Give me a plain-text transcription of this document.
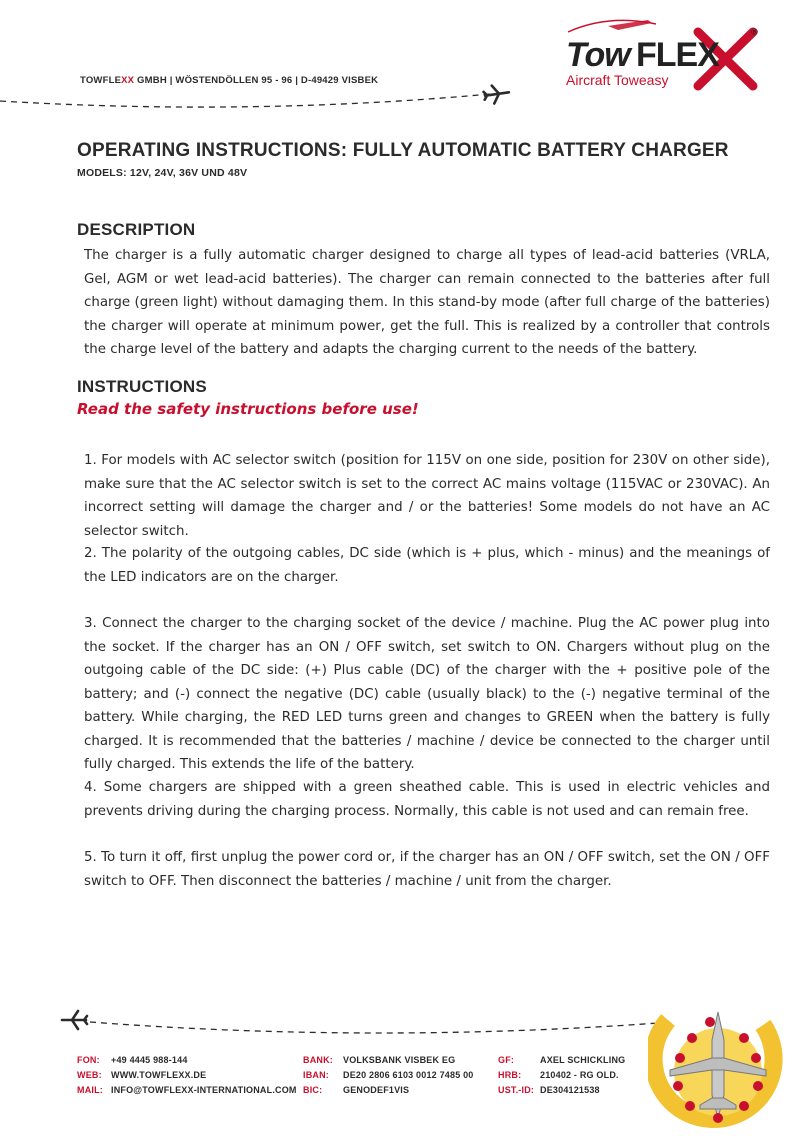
TOWFLEXX GMBH | WÖSTENDÖLLEN 95 - 96 | D-49429 VISBEK
Tow FLEX
Aircraft Toweasy
®
OPERATING INSTRUCTIONS: FULLY AUTOMATIC BATTERY CHARGER
MODELS: 12V, 24V, 36V UND 48V
DESCRIPTION

The charger is a fully automatic charger designed to charge all types of lead-acid batteries (VRLA, Gel, AGM or wet lead-acid batteries). The charger can remain connected to the batteries after full charge (green light) without damaging them. In this stand-by mode (after full charge of the batteries) the charger will operate at minimum power, get the full. This is realized by a controller that controls the charge level of the battery and adapts the charging current to the needs of the battery.

INSTRUCTIONS
Read the safety instructions before use!

1. For models with AC selector switch (position for 115V on one side, position for 230V on other side), make sure that the AC selector switch is set to the correct AC mains voltage (115VAC or 230VAC). An incorrect setting will damage the charger and / or the batteries! Some models do not have an AC selector switch.

2. The polarity of the outgoing cables, DC side (which is + plus, which - minus) and the meanings of the LED indicators are on the charger.

3. Connect the charger to the charging socket of the device / machine. Plug the AC power plug into the socket. If the charger has an ON / OFF switch, set switch to ON. Chargers without plug on the outgoing cable of the DC side: (+) Plus cable (DC) of the charger with the + positive pole of the battery; and (-) connect the negative (DC) cable (usually black) to the (-) negative terminal of the battery. While charging, the RED LED turns green and changes to GREEN when the battery is fully charged. It is recommended that the batteries / machine / device be connected to the charger until fully charged. This extends the life of the battery.

4. Some chargers are shipped with a green sheathed cable. This is used in electric vehicles and prevents driving during the charging process. Normally, this cable is not used and can remain free.

5. To turn it off, first unplug the power cord or, if the charger has an ON / OFF switch, set the ON / OFF switch to OFF. Then disconnect the batteries / machine / unit from the charger.

FON: +49 4445 988-144
WEB: WWW.TOWFLEXX.DE
MAIL: INFO@TOWFLEXX-INTERNATIONAL.COM
BANK: VOLKSBANK VISBEK EG
IBAN: DE20 2806 6103 0012 7485 00
BIC: GENODEF1VIS
GF:	AXEL SCHICKLING
HRB: 210402 - RG OLD.
UST.-ID: DE304121538
